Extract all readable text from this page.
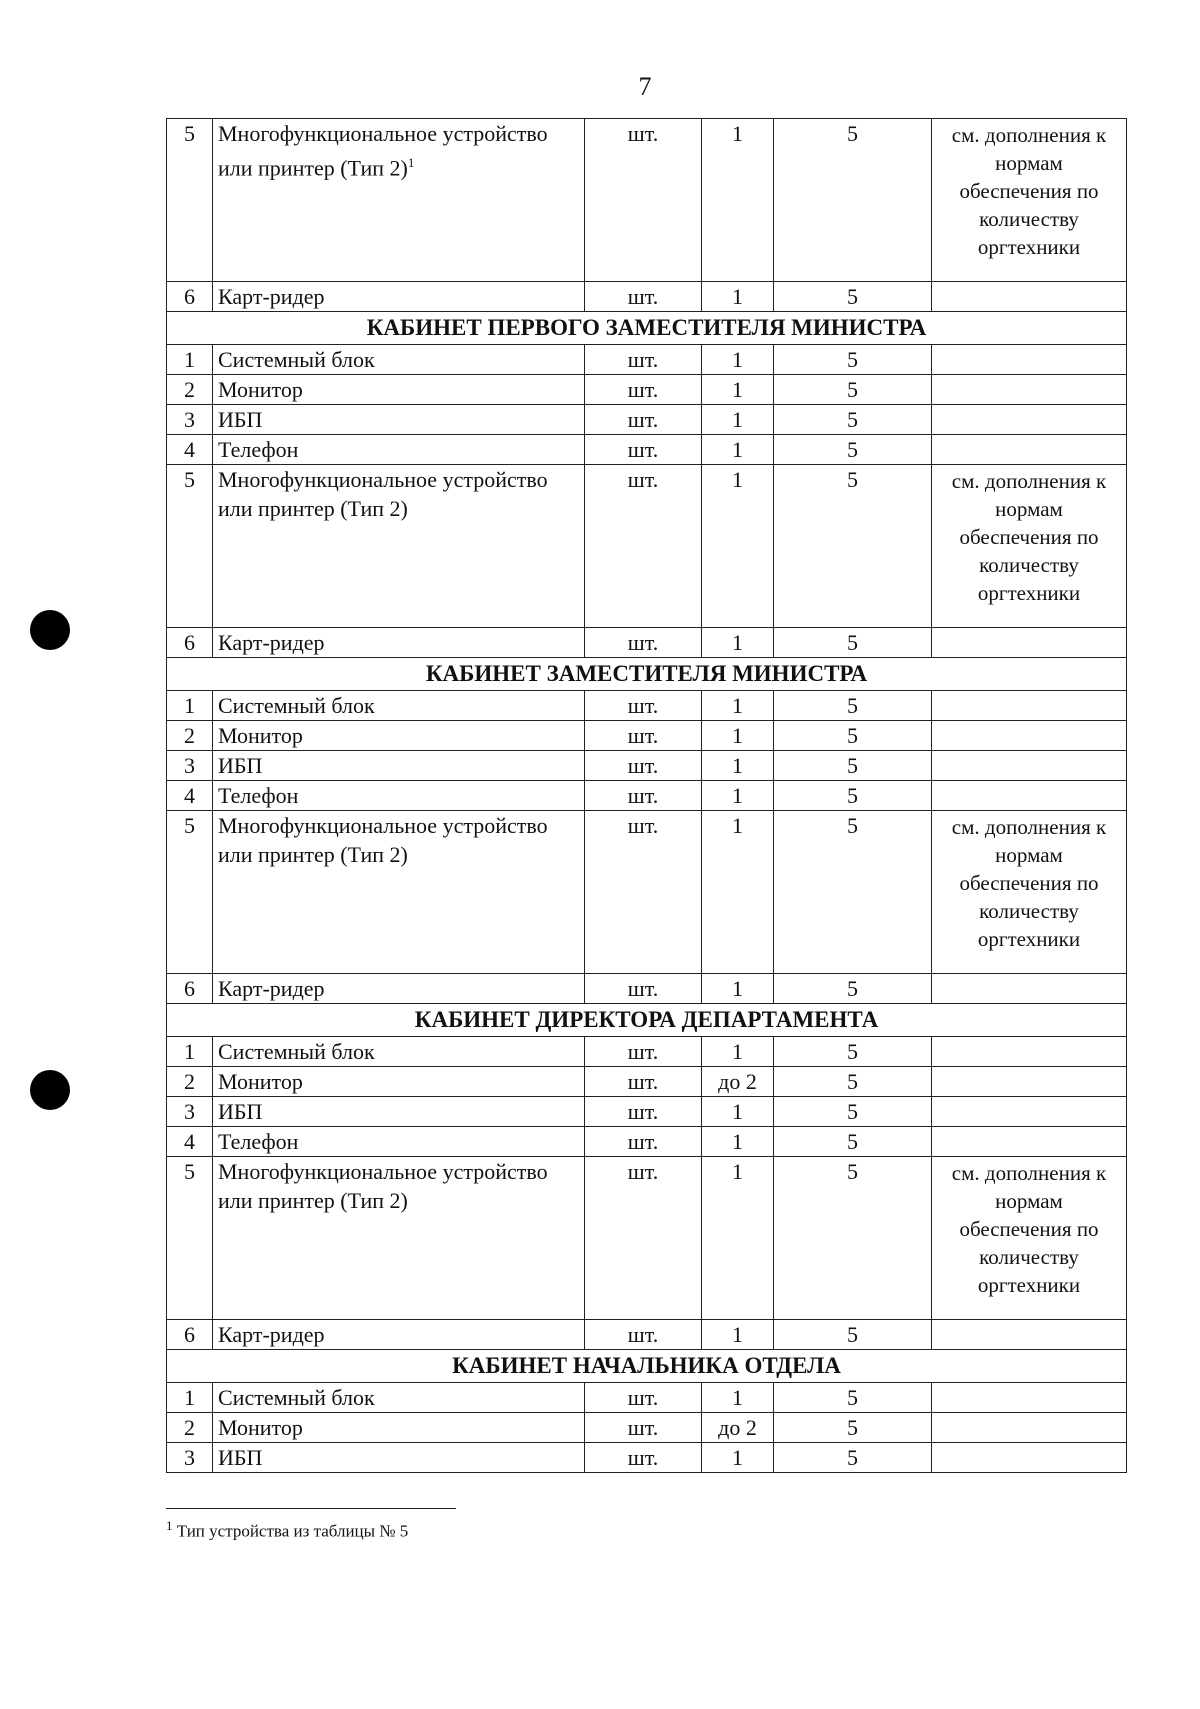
7
5	Многофункциональное устройство или принтер (Тип 2)$^1$	шт.	1	5	см. дополнения к нормам обеспечения по количеству оргтехники
6	Карт-ридер	шт.	1	5	
КАБИНЕТ ПЕРВОГО ЗАМЕСТИТЕЛЯ МИНИСТРА					
1	Системный блок	шт.	1	5	
2	Монитор	шт.	1	5	
3	ИБП	шт.	1	5	
4	Телефон	шт.	1	5	
5	Многофункциональное устройство или принтер (Тип 2)	шт.	1	5	см. дополнения к нормам обеспечения по количеству оргтехники
6	Карт-ридер	шт.	1	5	
КАБИНЕТ ЗАМЕСТИТЕЛЯ МИНИСТРА					
1	Системный блок	шт.	1	5	
2	Монитор	шт.	1	5	
3	ИБП	шт.	1	5	
4	Телефон	шт.	1	5	
5	Многофункциональное устройство или принтер (Тип 2)	шт.	1	5	см. дополнения к нормам обеспечения по количеству оргтехники
6	Карт-ридер	шт.	1	5	
КАБИНЕТ ДИРЕКТОРА ДЕПАРТАМЕНТА					
1	Системный блок	шт.	1	5	
2	Монитор	шт.	до 2	5	
3	ИБП	шт.	1	5	
4	Телефон	шт.	1	5	
5	Многофункциональное устройство или принтер (Тип 2)	шт.	1	5	см. дополнения к нормам обеспечения по количеству оргтехники
6	Карт-ридер	шт.	1	5	
КАБИНЕТ НАЧАЛЬНИКА ОТДЕЛА					
1	Системный блок	шт.	1	5	
2	Монитор	шт.	до 2	5	
3	ИБП	шт.	1	5	
$^1$ Тип устройства из таблицы № 5
